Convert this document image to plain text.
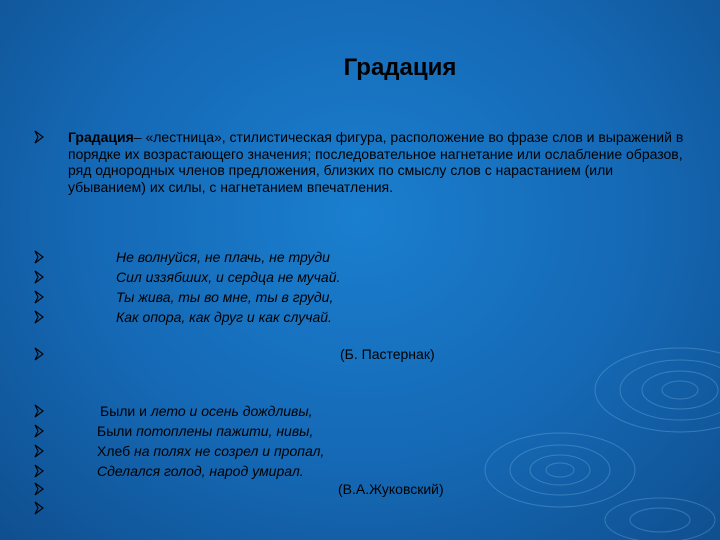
Градация
Градация– «лестница», стилистическая фигура, расположение во фразе слов и выражений в порядке их возрастающего значения; последовательное нагнетание или ослабление образов, ряд однородных членов предложения, близких по смыслу слов с нарастанием (или убыванием) их силы, с нагнетанием впечатления.
Не волнуйся, не плачь, не труди
Сил иззябших, и сердца не мучай.
Ты жива, ты во мне, ты в груди,
Как опора, как друг и как случай.
(Б. Пастернак)
Были и лето и осень дождливы,
Были потоплены пажити, нивы,
Хлеб на полях не созрел и пропал,
Сделался голод, народ умирал.
(В.А.Жуковский)
